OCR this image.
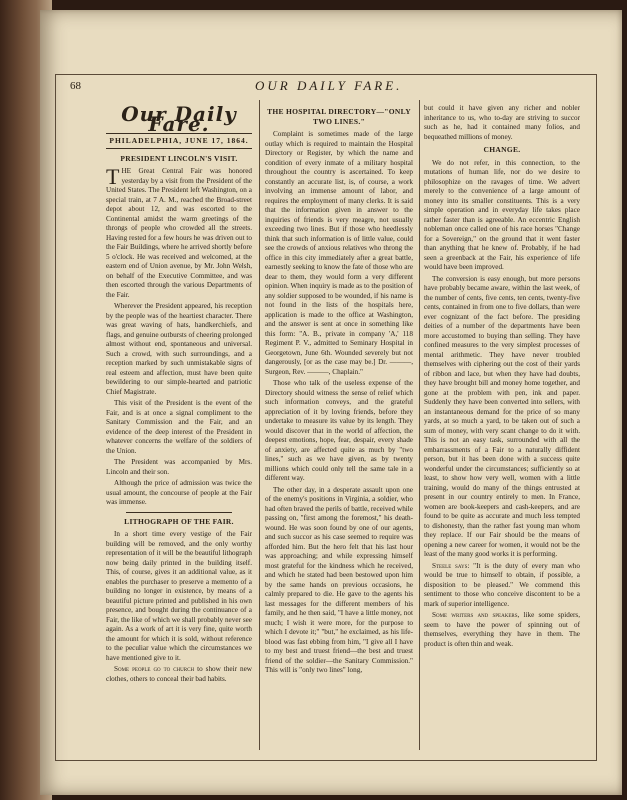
68	OUR DAILY FARE.
Our Daily Fare.
PHILADELPHIA, JUNE 17, 1864.
PRESIDENT LINCOLN'S VISIT.

THE Great Central Fair was honored yesterday by a visit from the President of the United States. The President left Washington, on a special train, at 7 A. M., reached the Broad-street depot about 12, and was escorted to the Continental amidst the warm greetings of the throngs of people who crowded all the streets. Having rested for a few hours he was driven out to the Fair Buildings, where he arrived shortly before 5 o'clock. He was received and welcomed, at the eastern end of Union avenue, by Mr. John Welsh, on behalf of the Executive Committee, and was then escorted through the various Departments of the Fair.

Wherever the President appeared, his reception by the people was of the heartiest character. There was great waving of hats, handkerchiefs, and flags, and genuine outbursts of cheering prolonged almost without end, spontaneous and universal. Such a crowd, with such surroundings, and a reception marked by such unmistakable signs of real esteem and affection, must have been quite bewildering to our simple-hearted and patriotic Chief Magistrate.

This visit of the President is the event of the Fair, and is at once a signal compliment to the Sanitary Commission and the Fair, and an evidence of the deep interest of the President in whatever concerns the welfare of the soldiers of the Union.

The President was accompanied by Mrs. Lincoln and their son.

Although the price of admission was twice the usual amount, the concourse of people at the Fair was immense.

LITHOGRAPH OF THE FAIR.

In a short time every vestige of the Fair building will be removed, and the only worthy representation of it will be the beautiful lithograph now being daily printed in the building itself. This, of course, gives it an additional value, as it enables the purchaser to preserve a memento of a building no longer in existence, by means of a beautiful picture printed and published in his own presence, and bought during the continuance of a Fair, the like of which we shall probably never see again. As a work of art it is very fine, quite worth the amount for which it is sold, without reference to the peculiar value which the circumstances we have mentioned give to it.

Some people go to church to show their new clothes, others to conceal their bad habits.

THE HOSPITAL DIRECTORY—"ONLY TWO LINES."

Complaint is sometimes made of the large outlay which is required to maintain the Hospital Directory or Register, by which the name and condition of every inmate of a military hospital throughout the country is ascertained. To keep constantly an accurate list, is, of course, a work involving an immense amount of labor, and requires the employment of many clerks. It is said that the information given in answer to the inquiries of friends is very meagre, not usually exceeding two lines. But if those who heedlessly think that such information is of little value, could see the crowds of anxious relatives who throng the office in this city immediately after a great battle, earnestly seeking to know the fate of those who are dear to them, they would form a very different opinion. When inquiry is made as to the position of any soldier supposed to be wounded, if his name is not found in the lists of the hospitals here, application is made to the office at Washington, and the answer is sent at once in something like this form: "A. B., private in company 'A,' 118 Regiment P. V., admitted to Seminary Hospital in Georgetown, June 6th. Wounded severely but not dangerously, [or as the case may be.] Dr. ———, Surgeon, Rev. ———, Chaplain."

Those who talk of the useless expense of the Directory should witness the sense of relief which such information conveys, and the grateful appreciation of it by loving friends, before they undertake to measure its value by its length. They would discover that in the world of affection, the deepest emotions, hope, fear, despair, every shade of anxiety, are affected quite as much by "two lines," such as we have given, as by twenty millions which could only tell the same tale in a different way.

The other day, in a desperate assault upon one of the enemy's positions in Virginia, a soldier, who had often braved the perils of battle, received while passing on, "first among the foremost," his death-wound. He was soon found by one of our agents, and such succor as his case seemed to require was afforded him. But the hero felt that his last hour was approaching; and while expressing himself most grateful for the kindness which he received, and which he stated had been bestowed upon him by the same hands on previous occasions, he calmly prepared to die. He gave to the agents his last messages for the different members of his family, and he then said, "I have a little money, not much; I wish it were more, for the purpose to which I devote it;" "but," he exclaimed, as his life-blood was fast ebbing from him, "I give all I have to my best and truest friend—the best and truest friend of the soldier—the Sanitary Commission." This will is "only two lines" long,

but could it have given any richer and nobler inheritance to us, who to-day are striving to succor such as he, had it contained many folios, and bequeathed millions of money.

CHANGE.

We do not refer, in this connection, to the mutations of human life, nor do we desire to philosophize on the ravages of time. We advert merely to the convenience of a large amount of money into its smaller constituents. This is a very simple operation and in everyday life takes place rather faster than is agreeable. An eccentric English nobleman once called one of his race horses "Change for a Sovereign," on the ground that it went faster than anything that he knew of. Probably, if he had seen a greenback at the Fair, his experience of life would have been improved.

The conversion is easy enough, but more persons have probably became aware, within the last week, of the number of cents, five cents, ten cents, twenty-five cents, contained in from one to five dollars, than were ever cognizant of the fact before. The presiding deities of a number of the departments have been more accustomed to buying than selling. They have confined measures to the very simplest processes of mental arithmetic. They have never troubled themselves with ciphering out the cost of their yards of ribbon and lace, but when they have had doubts, they have brought bill and money home together, and gone at the problem with pen, ink and paper. Suddenly they have been converted into sellers, with an instantaneous demand for the price of so many yards, at so much a yard, to be taken out of such a sum of money, with very scant change to do it with. This is not an easy task, surrounded with all the embarrassments of a Fair to a naturally diffident person, but it has been done with a success quite wonderful under the circumstances; sufficiently so at least, to show how very well, women with a little training, would do many of the things entrusted at present in our country entirely to men. In France, women are book-keepers and cash-keepers, and are found to be quite as accurate and much less tempted to dishonesty, than the rather fast young man whom they replace. If our Fair should be the means of opening a new career for women, it would not be the least of the many good works it is performing.

Steele says: "It is the duty of every man who would be true to himself to obtain, if possible, a disposition to be pleased." We commend this sentiment to those who conceive discontent to be a mark of superior intelligence.

Some writers and speakers, like some spiders, seem to have the power of spinning out of themselves, everything they have in them. The product is often thin and weak.
